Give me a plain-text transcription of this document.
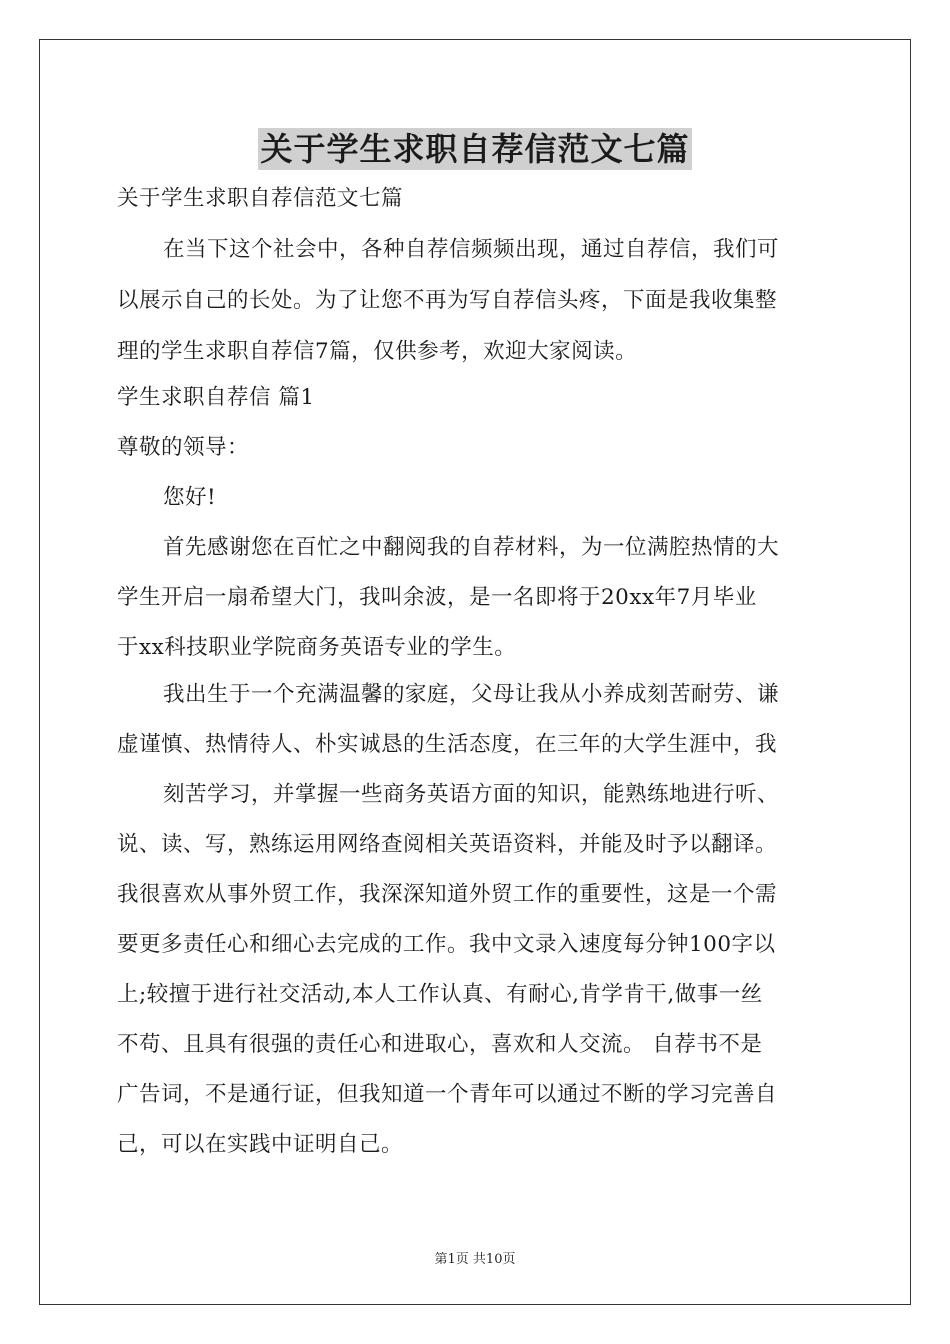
关于学生求职自荐信范文七篇
关于学生求职自荐信范文七篇
在当下这个社会中，各种自荐信频频出现，通过自荐信，我们可
以展示自己的长处。为了让您不再为写自荐信头疼，下面是我收集整
理的学生求职自荐信7篇，仅供参考，欢迎大家阅读。
学生求职自荐信 篇1
尊敬的领导：
您好!
首先感谢您在百忙之中翻阅我的自荐材料，为一位满腔热情的大
学生开启一扇希望大门，我叫余波，是一名即将于20xx年7月毕业
于xx科技职业学院商务英语专业的学生。
我出生于一个充满温馨的家庭，父母让我从小养成刻苦耐劳、谦
虚谨慎、热情待人、朴实诚恳的生活态度，在三年的大学生涯中，我
刻苦学习，并掌握一些商务英语方面的知识，能熟练地进行听、
说、读、写，熟练运用网络查阅相关英语资料，并能及时予以翻译。
我很喜欢从事外贸工作，我深深知道外贸工作的重要性，这是一个需
要更多责任心和细心去完成的工作。我中文录入速度每分钟100字以
上;较擅于进行社交活动,本人工作认真、有耐心,肯学肯干,做事一丝
不苟、且具有很强的责任心和进取心，喜欢和人交流。 自荐书不是
广告词，不是通行证，但我知道一个青年可以通过不断的学习完善自
己，可以在实践中证明自己。
第1页 共10页
